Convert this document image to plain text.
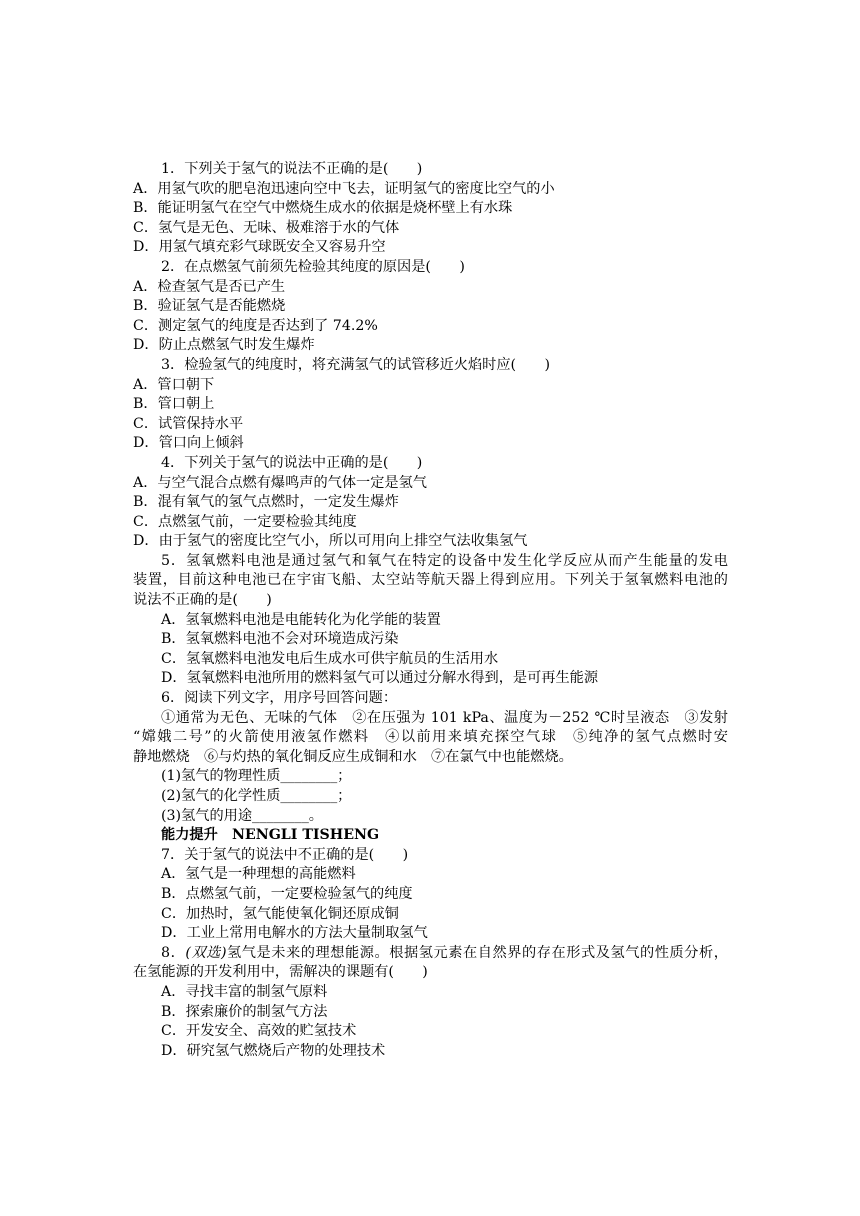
1．下列关于氢气的说法不正确的是(　　)
A．用氢气吹的肥皂泡迅速向空中飞去，证明氢气的密度比空气的小
B．能证明氢气在空气中燃烧生成水的依据是烧杯壁上有水珠
C．氢气是无色、无味、极难溶于水的气体
D．用氢气填充彩气球既安全又容易升空
2．在点燃氢气前须先检验其纯度的原因是(　　)
A．检查氢气是否已产生
B．验证氢气是否能燃烧
C．测定氢气的纯度是否达到了 74.2%
D．防止点燃氢气时发生爆炸
3．检验氢气的纯度时，将充满氢气的试管移近火焰时应(　　)
A．管口朝下
B．管口朝上
C．试管保持水平
D．管口向上倾斜
4．下列关于氢气的说法中正确的是(　　)
A．与空气混合点燃有爆鸣声的气体一定是氢气
B．混有氧气的氢气点燃时，一定发生爆炸
C．点燃氢气前，一定要检验其纯度
D．由于氢气的密度比空气小，所以可用向上排空气法收集氢气
5．氢氧燃料电池是通过氢气和氧气在特定的设备中发生化学反应从而产生能量的发电
装置，目前这种电池已在宇宙飞船、太空站等航天器上得到应用。下列关于氢氧燃料电池的
说法不正确的是(　　)
A．氢氧燃料电池是电能转化为化学能的装置
B．氢氧燃料电池不会对环境造成污染
C．氢氧燃料电池发电后生成水可供宇航员的生活用水
D．氢氧燃料电池所用的燃料氢气可以通过分解水得到，是可再生能源
6．阅读下列文字，用序号回答问题：
①通常为无色、无味的气体　②在压强为 101 kPa、温度为－252 ℃时呈液态　③发射
“嫦娥二号”的火箭使用液氢作燃料　④以前用来填充探空气球　⑤纯净的氢气点燃时安
静地燃烧　⑥与灼热的氧化铜反应生成铜和水　⑦在氯气中也能燃烧。
(1)氢气的物理性质________；
(2)氢气的化学性质________；
(3)氢气的用途________。
能力提升　NENGLI TISHENG
7．关于氢气的说法中不正确的是(　　)
A．氢气是一种理想的高能燃料
B．点燃氢气前，一定要检验氢气的纯度
C．加热时，氢气能使氧化铜还原成铜
D．工业上常用电解水的方法大量制取氢气
8．(双选)氢气是未来的理想能源。根据氢元素在自然界的存在形式及氢气的性质分析，
在氢能源的开发利用中，需解决的课题有(　　)
A．寻找丰富的制氢气原料
B．探索廉价的制氢气方法
C．开发安全、高效的贮氢技术
D．研究氢气燃烧后产物的处理技术
